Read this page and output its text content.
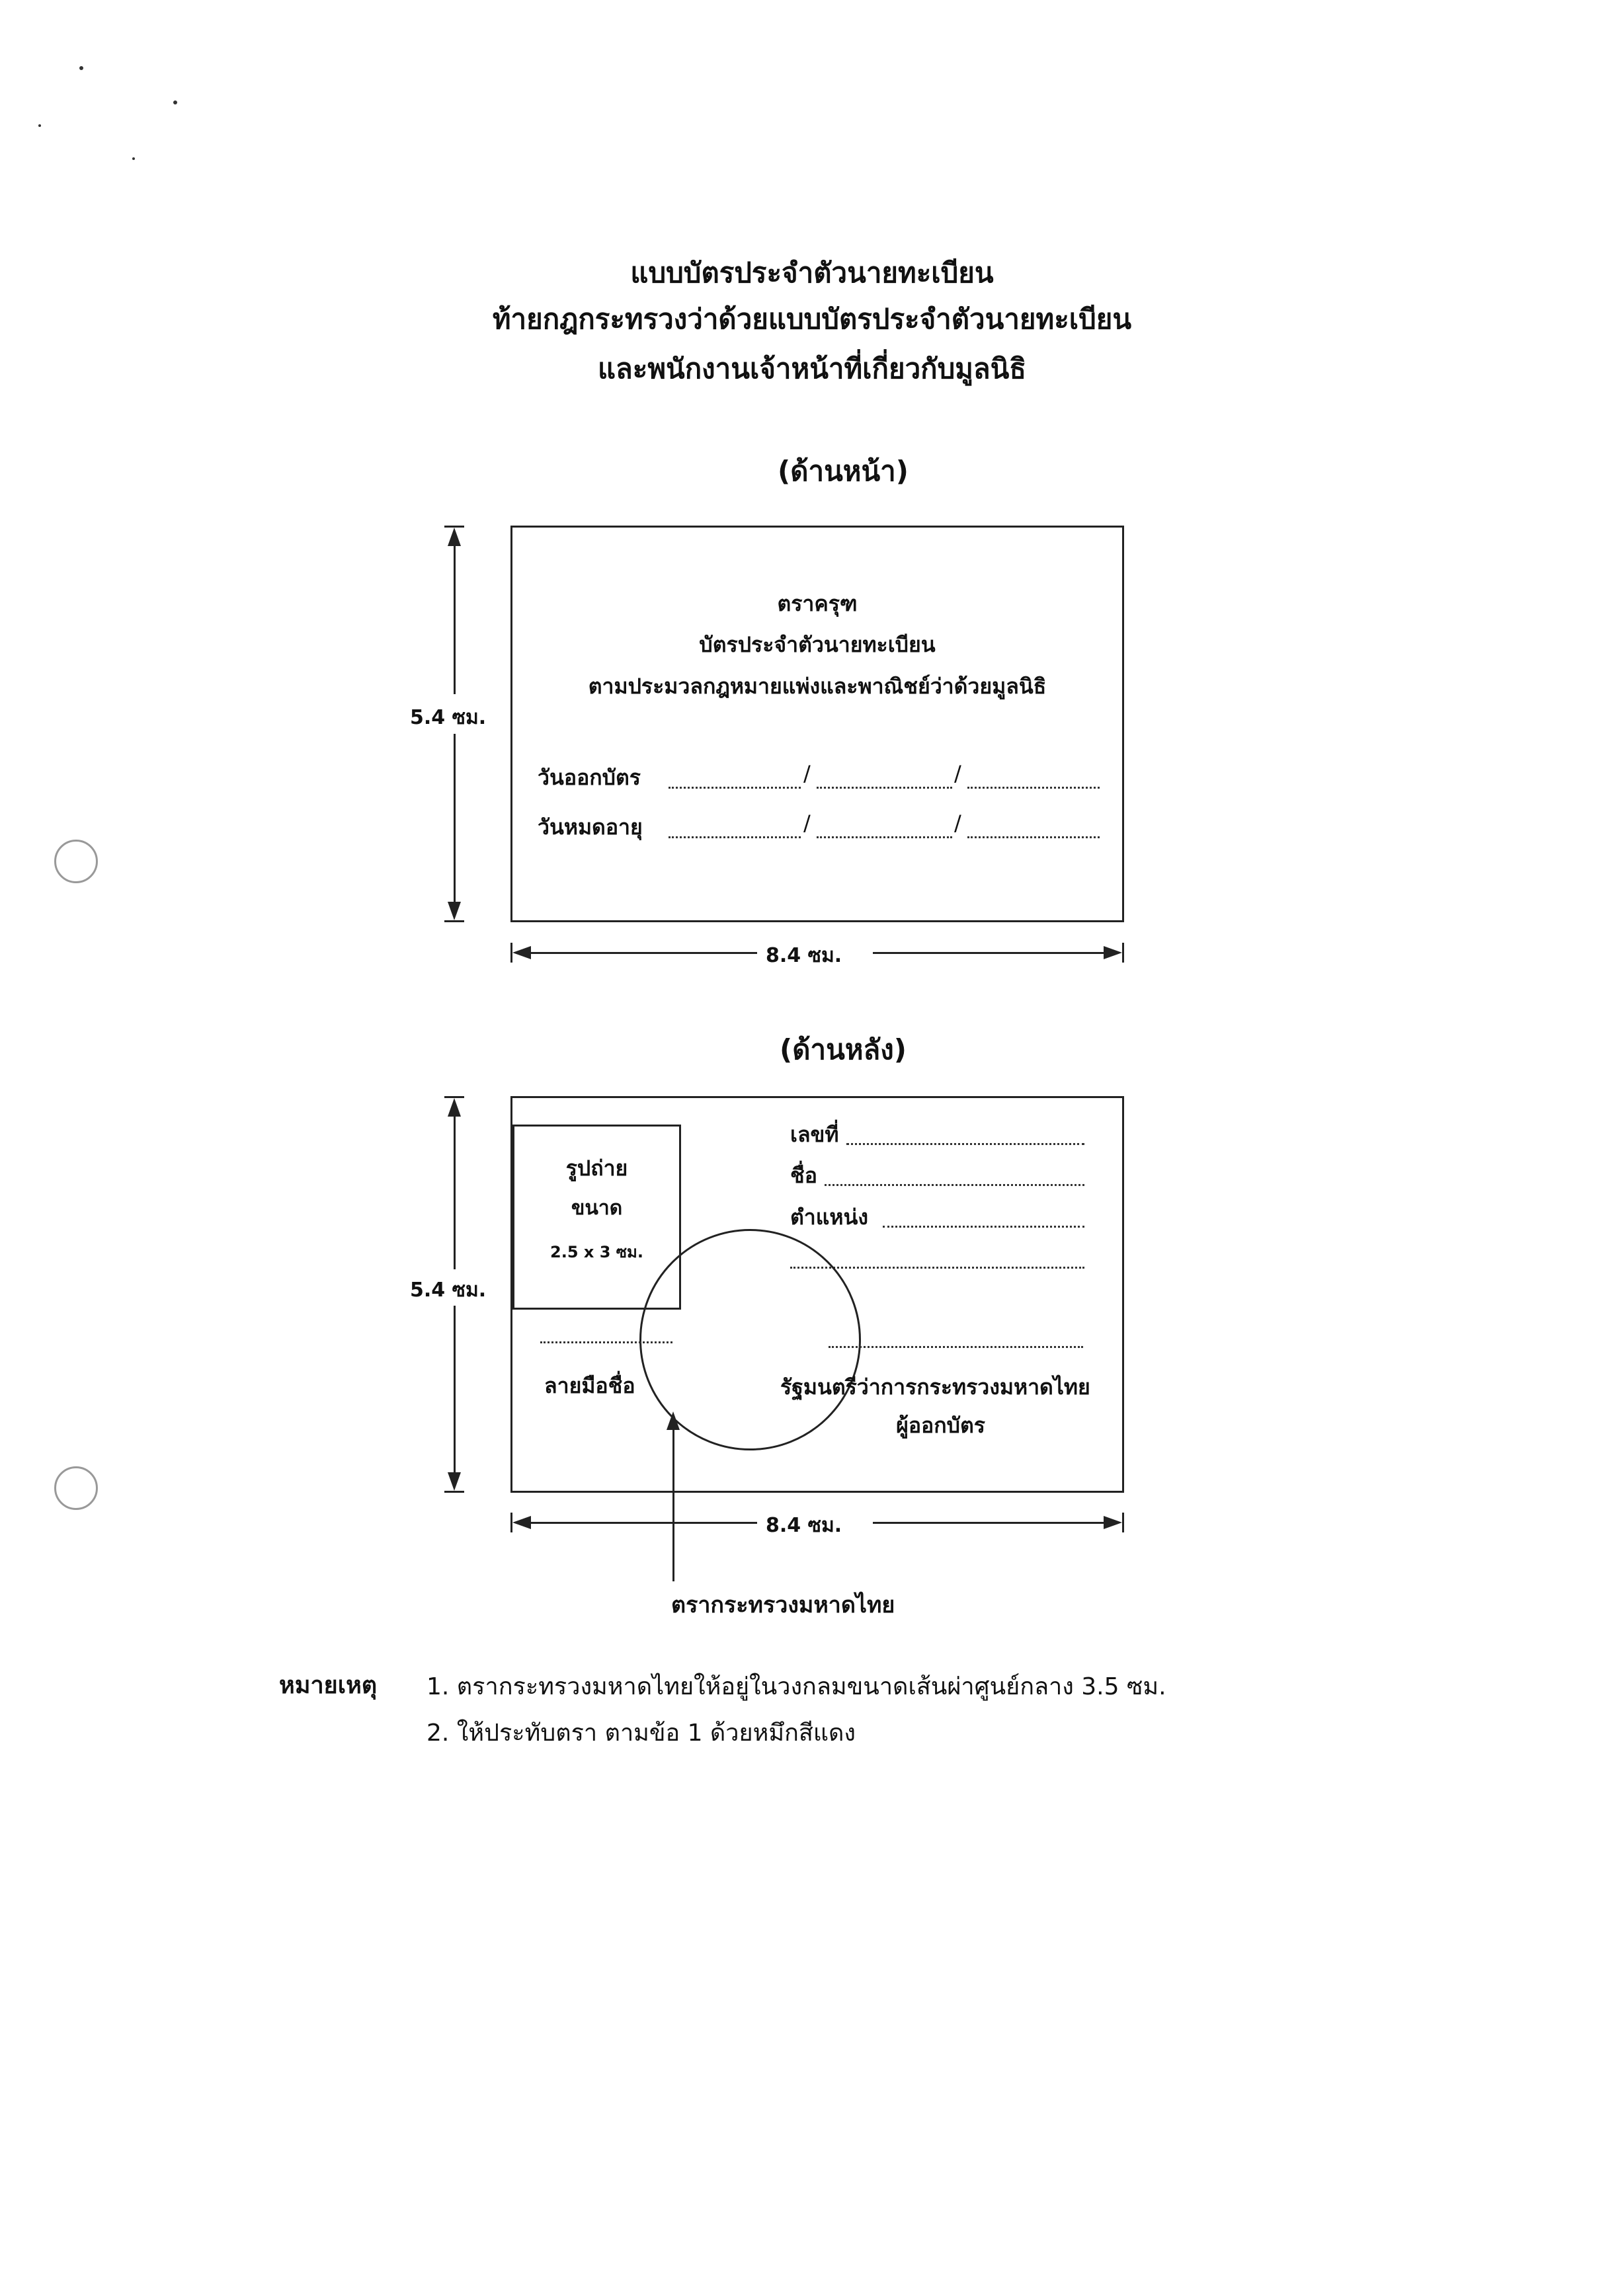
แบบบัตรประจำตัวนายทะเบียน
ท้ายกฎกระทรวงว่าด้วยแบบบัตรประจำตัวนายทะเบียน
และพนักงานเจ้าหน้าที่เกี่ยวกับมูลนิธิ
(ด้านหน้า)
ตราครุฑ
บัตรประจำตัวนายทะเบียน
ตามประมวลกฎหมายแพ่งและพาณิชย์ว่าด้วยมูลนิธิ
วันออกบัตร	/	/
วันหมดอายุ	/	/
5.4 ซม.
8.4 ซม.
(ด้านหลัง)
รูปถ่าย
ขนาด
2.5 x 3 ซม.
เลขที่
ชื่อ
ตำแหน่ง
ลายมือชื่อ	รัฐมนตรีว่าการกระทรวงมหาดไทย
ผู้ออกบัตร
5.4 ซม.
8.4 ซม.
ตรากระทรวงมหาดไทย
หมายเหตุ 1. ตรากระทรวงมหาดไทยให้อยู่ในวงกลมขนาดเส้นผ่าศูนย์กลาง 3.5 ซม.
2. ให้ประทับตรา ตามข้อ 1 ด้วยหมึกสีแดง
